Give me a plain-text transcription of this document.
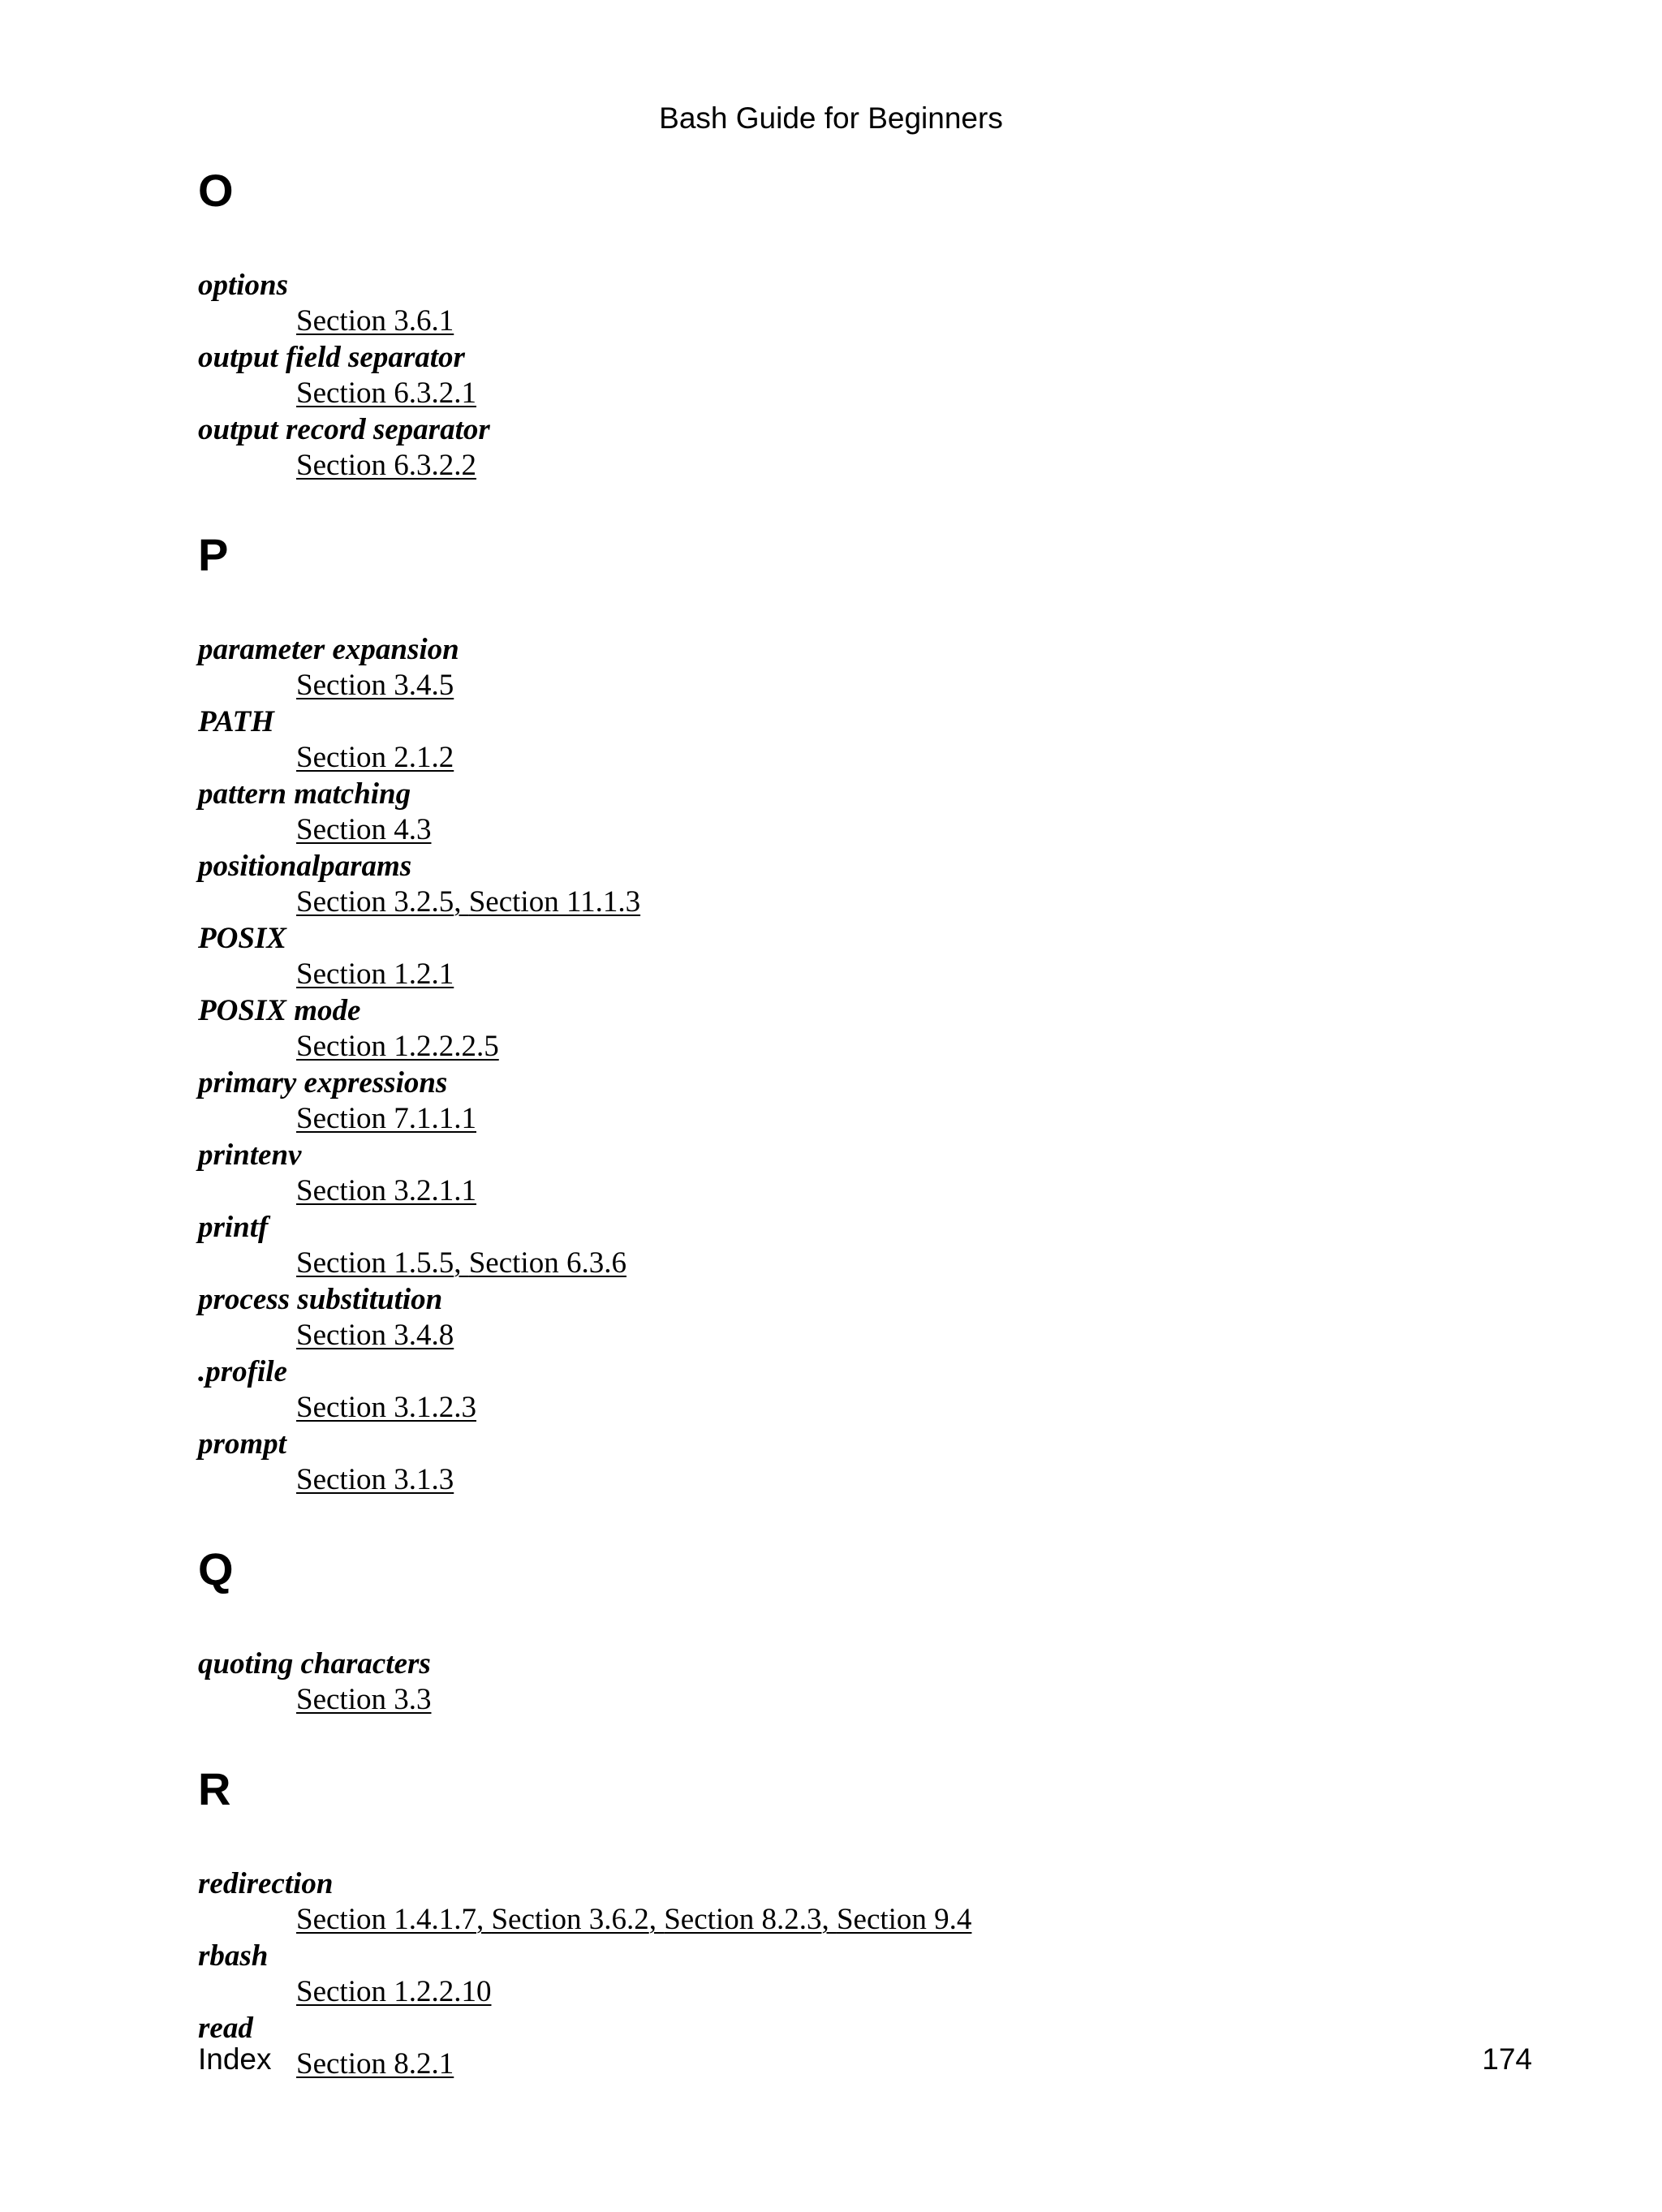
Bash Guide for Beginners
O
options
Section 3.6.1
output field separator
Section 6.3.2.1
output record separator
Section 6.3.2.2
P
parameter expansion
Section 3.4.5
PATH
Section 2.1.2
pattern matching
Section 4.3
positionalparams
Section 3.2.5, Section 11.1.3
POSIX
Section 1.2.1
POSIX mode
Section 1.2.2.2.5
primary expressions
Section 7.1.1.1
printenv
Section 3.2.1.1
printf
Section 1.5.5, Section 6.3.6
process substitution
Section 3.4.8
.profile
Section 3.1.2.3
prompt
Section 3.1.3
Q
quoting characters
Section 3.3
R
redirection
Section 1.4.1.7, Section 3.6.2, Section 8.2.3, Section 9.4
rbash
Section 1.2.2.10
read
Section 8.2.1
Index	174
